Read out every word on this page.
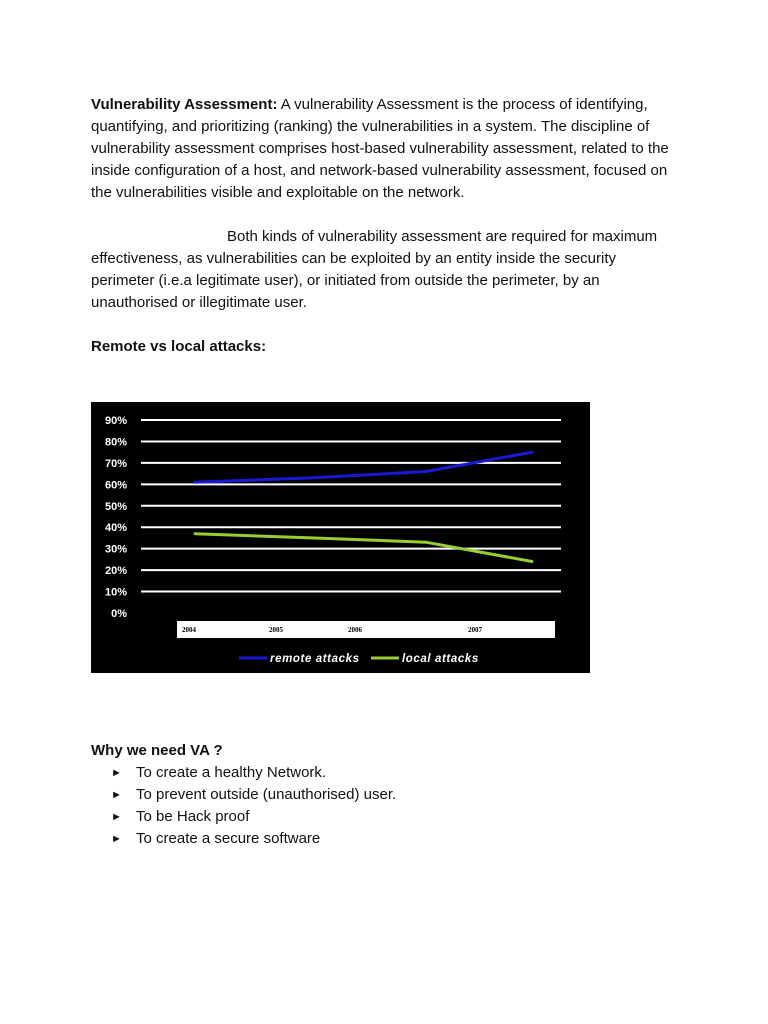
Vulnerability Assessment: A vulnerability Assessment is the process of identifying, quantifying, and prioritizing (ranking) the vulnerabilities in a system. The discipline of vulnerability assessment comprises host-based vulnerability assessment, related to the inside configuration of a host, and network-based vulnerability assessment, focused on the vulnerabilities visible and exploitable on the network.

Both kinds of vulnerability assessment are required for maximum effectiveness, as vulnerabilities can be exploited by an entity inside the security perimeter (i.e.a legitimate user), or initiated from outside the perimeter, by an unauthorised or illegitimate user.

Remote vs local attacks:

90%
80%
70%
60%
50%
40%
30%
20%
10%
0%
2004	2005	2006	2007
remote attacks	local attacks
Why we need VA ?
► To create a healthy Network.
► To prevent outside (unauthorised) user.
► To be Hack proof
► To create a secure software
